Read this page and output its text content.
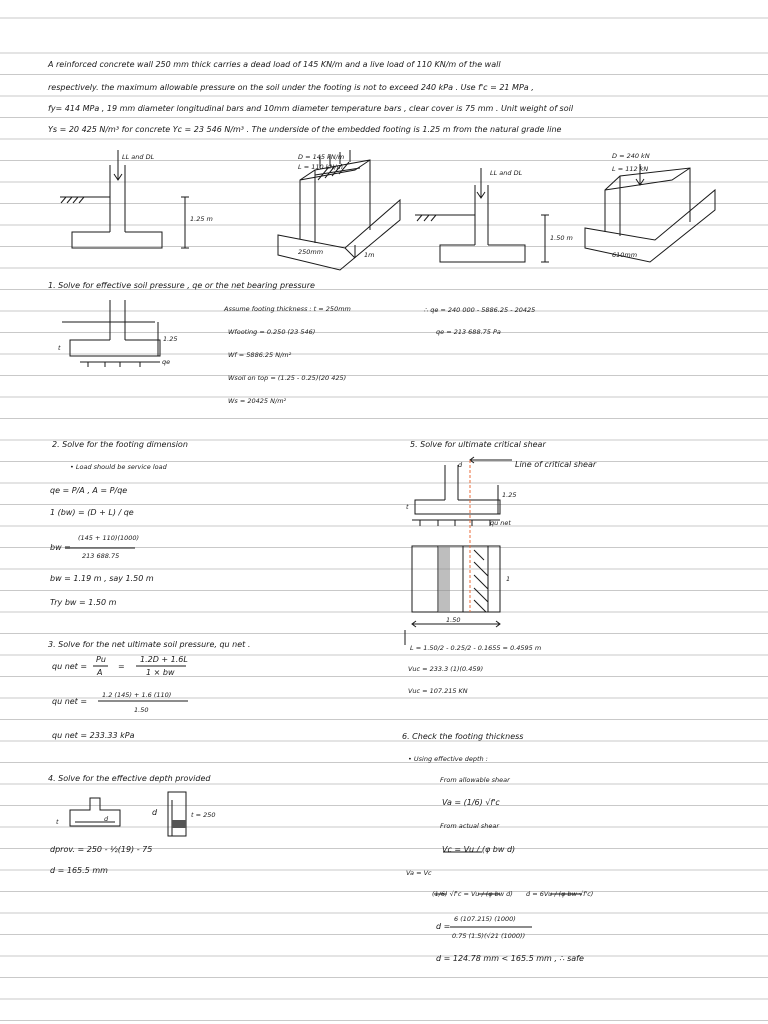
A reinforced concrete wall 250 mm thick carries a dead load of 145 KN/m and a live load of 110 KN/m of the wall
respectively. the maximum allowable pressure on the soil under the footing is not to exceed 240 kPa . Use f'c = 21 MPa ,
fy= 414 MPa , 19 mm diameter longitudinal bars and 10mm diameter temperature bars , clear cover is 75 mm . Unit weight of soil
Ys = 20 425 N/m³ for concrete Yc = 23 546 N/m³ . The underside of the embedded footing is 1.25 m from the natural grade line
LL and DL
1.25 m
D = 145 kN/m
L = 110 kN/m
250mm	1m
LL and DL
1.50 m
D = 240 kN
L = 112 kN
610mm
1. Solve for effective soil pressure , qe or the net bearing pressure
t
1.25
qe
Assume footing thickness : t = 250mm
Wfooting = 0.250 (23 546)
Wf = 5886.25 N/m²
Wsoil on top = (1.25 - 0.25)(20 425)
Ws = 20425 N/m²
∴ qe = 240 000 - 5886.25 - 20425
qe = 213 688.75 Pa
2. Solve for the footing dimension
• Load should be service load
qe = P/A , A = P/qe
1 (bw) = (D + L) / qe
(145 + 110)(1000)
bw =
213 688.75
bw = 1.19 m , say 1.50 m
Try bw = 1.50 m
3. Solve for the net ultimate soil pressure, qu net .
qu net =
Pu
A
=
1.2D + 1.6L
1 × bw
qu net =
1.2 (145) + 1.6 (110)
1.50
qu net = 233.33 kPa
4. Solve for the effective depth provided
t	d
d	t = 250
dprov. = 250 - ½(19) - 75
d = 165.5 mm
5. Solve for ultimate critical shear
d	Line of critical shear
t
1.25
qu net
1
1.50
L = 1.50/2 - 0.25/2 - 0.1655 = 0.4595 m
Vuc = 233.3 (1)(0.459)
Vuc = 107.215 KN
6. Check the footing thickness
• Using effective depth :
From allowable shear
Va = (1/6) √f'c
From actual shear
Vc = Vu / (φ bw d)
Va = Vc
(1/6) √f'c = Vu / (φ bw d) d = 6Vu / (φ bw √f'c)
6 (107.215) (1000)
d =
0.75 (1.5)(√21 (1000))
d = 124.78 mm < 165.5 mm , ∴ safe
